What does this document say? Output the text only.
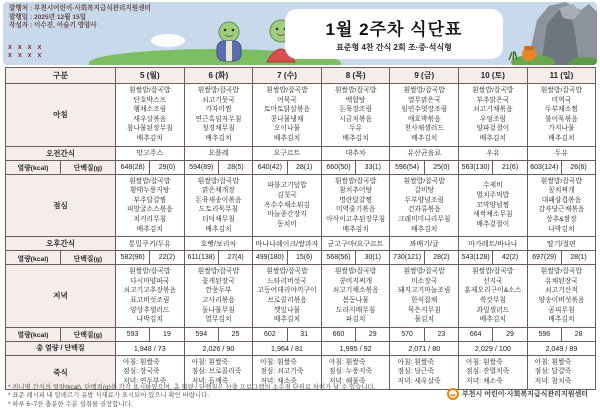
발행처 : 부천시어린이·사회복지급식관리지원센터
발행일 : 2025년 12월 15일
작성자 : 이수진, 이슬기 영양사
x x x x
x x x x
1월 2주차 식단표
표준형 4찬 간식 2회 조·중·석식형
구분		5 (월)		6 (화)		7 (수)		8 (목)		9 (금)		10 (토)		11 (일)	
아침	
흰쌀밥/잡곡밥
단호박스프
햄채소조림
새우살볶음
참나물된장무침
배추김치

흰쌀밥/잡곡밥
쇠고기뭇국
가자미찜
연근흑임자무침
청경채무침
배추김치

흰쌀밥/잡곡밥
어묵국
토마토닭살볶음
콩나물냉채
오이나물
배추김치

흰쌀밥/잡곡밥
백합탕
돈육장조림
시금치볶음
두유
배추김치

흰쌀밥/잡곡밥
열무맑은국
임연수엿장조림
애호박볶음
천사채샐러드
배추김치

흰쌀밥/잡곡밥
부추맑은국
쇠고기채볶음
우엉조림
양파겉절이
배추김치

흰쌀밥/잡곡밥
미역국
두부채소찜
불어묵볶음
가지나물
배추김치

오전간식		망고주스		요플레		요구르트		대추차		유산균음료		우유		두유	
열량(kcal)	단백질(g)	648(28)	29(0)	594(89)	28(5)	640(42)	28(1)	660(50)	33(1)	596(54)	25(0)	563(130)	21(6)	603(124)	26(6)
점심	
흰쌀밥/잡곡밥
황태누룽지탕
부추달걀찜
피망굴소스볶음
치커리무침
배추김치

흰쌀밥/잡곡밥
맑은채개장
돈육새송이볶음
도토리묵무침
더덕채무침
배추김치

파불고기덮밥
김칫국
옥수수채소튀김
마늘종간장지
동치미

흰쌀밥/잡곡밥
참치추어탕
명란달걀찜
미역줄기볶음
아삭이고추된장무침
배추김치

흰쌀밥/잡곡밥
갈비탕
두부양념조림
건과류볶음
크래미미나리무침
배추김치

수제비
멸치주먹밥
꼬막양념찜
새싹채소무침
배추겉절이

흰쌀밥/잡곡밥
꽁치찌개
대패삼겹볶음
감자당근채볶음
상추&쌈장
나박김치

오후간식		통밀쿠키/두유		호빵/보리차		바나나쉐이크/쌀과자		군고구마/요구르트		꽈배기/귤		마가레트/바나나		딸기/절편	
열량(kcal)	단백질(g)	582(96)	22(2)	611(138)	27(4)	499(180)	15(6)	568(56)	30(1)	730(121)	28(2)	543(128)	42(2)	697(29)	28(1)
저녁	
흰쌀밥/잡곡밥
다시마양파국
쇠고기고추장볶음
표고버섯조림
양상추샐러드
나박김치

흰쌀밥/잡곡밥
꽃게된장국
깐풍두부
고사리볶음
돌나물무침
열무김치

흰쌀밥/잡곡밥
느타리버섯국
고등어데리야끼구이
브로콜리볶음
깻잎나물
배추김치

흰쌀밥/잡곡밥
콩비지찌개
쇠고기채소볶음
봄동나물
도라지배무침
파김치

흰쌀밥/잡곡밥
미소장국
돼지고기마늘조림
한식잡채
묵은지무침
물김치

흰쌀밥/잡곡밥
선지국
훈제오리구이&소스
쑥갓무침
과일샐러드
배추김치

흰쌀밥/잡곡밥
유채된장국
쇠고기산적
양송이버섯볶음
곰피무침
배추김치

열량(kcal)	단백질(g)	593	19	594	25	602	31	660	29	570	23	664	29	596	28
총 열량 / 단백질		1,948 / 73		2,026 / 90		1,964 / 81		1,995 / 92		2,071 / 80		2,029 / 100		2,049 / 89	
죽식	
아침: 흰쌀죽
점심: 장국죽
저녁: 연두부죽

아침: 흰쌀죽
점심: 브로콜리죽
저녁: 들깨죽

아침: 흰쌀죽
점심: 쇠고기죽
저녁: 채소죽

아침: 흰쌀죽
점심: 누룽지죽
저녁: 해물죽

아침: 흰쌀죽
점심: 당근죽
저녁: 새우살죽

아침: 흰쌀죽
점심: 잔멸치죽
저녁: 채소죽

아침: 흰쌀죽
점심: 달걀죽
저녁: 참치죽
* 끼니별 간식의 열량(kcal), 단백질(g)을 각각 표시하였으며, 총 열량 / 단백질은 산출 프로그램의 소수점 단위로 차이가 날 수 있습니다.
* 표준 레시피 내 알레르기 유발 식재료가 표시되어 있으니 확인 바랍니다.
* 하루 6~7잔 충분한 수분 섭취를 권장합니다.
부천시 어린이·사회복지급식관리지원센터
